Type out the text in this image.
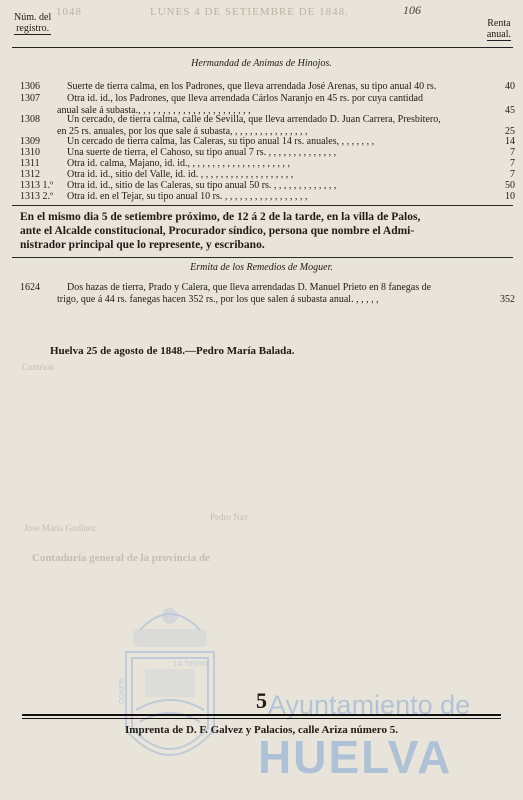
1048	LUNES 4 DE SETIEMBRE DE 1848.	106
Núm. del
registro.	Renta
anual.
Hermandad de Animas de Hinojos.
1306	Suerte de tierra calma, en los Padrones, que lleva arrendada José Arenas, su tipo anual 40 rs.	40
1307	Otra id. id., los Padrones, que lleva arrendada Cárlos Naranjo en 45 rs. por cuya cantidad
anual sale á subasta., , , , , , , , , , , , , , , , , , , , , , ,	45
1308	Un cercado, de tierra calma, calle de Sevilla, que lleva arrendado D. Juan Carrera, Presbitero,
en 25 rs. anuales, por los que sale á subasta, , , , , , , , , , , , , , , ,	25
1309	Un cercado de tierra calma, las Caleras, su tipo anual 14 rs. anuales, , , , , , , ,	14
1310	Una suerte de tierra, el Cahoso, su tipo anual 7 rs. , , , , , , , , , , , , , ,	7
1311	Otra id. calma, Majano, id. id., , , , , , , , , , , , , , , , , , , , ,	7
1312	Otra id. id., sitio del Valle, id. id. , , , , , , , , , , , , , , , , , , ,	7
1313 1.º Otra id. id., sitio de las Caleras, su tipo anual 50 rs. , , , , , , , , , , , , ,	50
1313 2.º Otra id. en el Tejar, su tipo anual 10 rs. , , , , , , , , , , , , , , , , ,	10
En el mismo dia 5 de setiembre próximo, de 12 á 2 de la tarde, en la villa de Palos,
ante el Alcalde constitucional, Procurador síndico, persona que nombre el Admi-
nistrador principal que lo represente, y escribano.
Ermita de los Remedios de Moguer.
1624	Dos hazas de tierra, Prado y Calera, que lleva arrendadas D. Manuel Prieto en 8 fanegas de
trigo, que á 44 rs. fanegas hacen 352 rs., por los que salen á subasta anual. , , , , ,	352
Huelva 25 de agosto de 1848.—Pedro María Balada.
Contrion
Pedro Nav
Jose Maria Godinez
Contaduría general de la provincia de
LA TIERRA
CONFIN	5 Ayuntamiento de
Imprenta de D. F. Galvez y Palacios, calle Ariza número 5.
HUELVA
